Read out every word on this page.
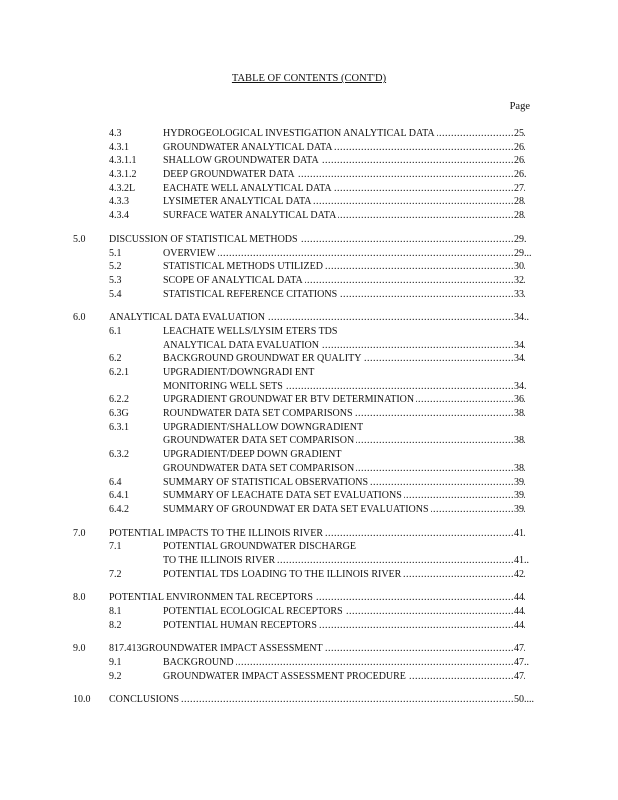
TABLE OF CONTENTS (CONT'D)
Page
4.3	HYDROGEOLOGICAL INVESTIGATION ANALYTICAL DATA .....	25
4.3.1	GROUNDWATER ANALYTICAL DATA .....	26
4.3.1.1	SHALLOW GROUNDWATER DATA .....	26
4.3.1.2	DEEP GROUNDWATER DATA .....	26.
4.3.2L	EACHATE WELL ANALYTICAL DATA .....	27
4.3.3	LYSIMETER ANALYTICAL DATA .....	28
4.3.4	SURFACE WATER ANALYTICAL DATA .....	28
5.0 DISCUSSION OF STATISTICAL METHODS .....	29.
5.1	OVERVIEW .....	29...
5.2	STATISTICAL METHODS UTILIZED .....	30
5.3	SCOPE OF ANALYTICAL DATA .....	32
5.4	STATISTICAL REFERENCE CITATIONS .....	33
6.0 ANALYTICAL DATA EVALUATION .....	34..
6.1	LEACHATE WELLS/LYSIM ETERS TDS
ANALYTICAL DATA EVALUATION .....	34
6.2	BACKGROUND GROUNDWAT ER QUALITY .....	34
6.2.1	UPGRADIENT/DOWNGRADI ENT
MONITORING WELL SETS .....	34.
6.2.2	UPGRADIENT GROUNDWAT ER BTV DETERMINATION .....	36
6.3G	ROUNDWATER DATA SET COMPARISONS .....	38
6.3.1	UPGRADIENT/SHALLOW DOWNGRADIENT
GROUNDWATER DATA SET COMPARISON .....	38
6.3.2	UPGRADIENT/DEEP DOWN GRADIENT
GROUNDWATER DATA SET COMPARISON .....	38
6.4	SUMMARY OF STATISTICAL OBSERVATIONS .....	39
6.4.1	SUMMARY OF LEACHATE DATA SET EVALUATIONS .....	39
6.4.2	SUMMARY OF GROUNDWAT ER DATA SET EVALUATIONS .....	39
7.0 POTENTIAL IMPACTS TO THE ILLINOIS RIVER .....	41
7.1	POTENTIAL GROUNDWATER DISCHARGE
TO THE ILLINOIS RIVER .....	41..
7.2	POTENTIAL TDS LOADING TO THE ILLINOIS RIVER .....	42
8.0 POTENTIAL ENVIRONMEN TAL RECEPTORS .....	44
8.1	POTENTIAL ECOLOGICAL RECEPTORS .....	44
8.2	POTENTIAL HUMAN RECEPTORS .....	44
9.0 817.413GROUNDWATER IMPACT ASSESSMENT .....	47
9.1	BACKGROUND .....	47..
9.2	GROUNDWATER IMPACT ASSESSMENT PROCEDURE .....	47
10.0 CONCLUSIONS .....	50....
